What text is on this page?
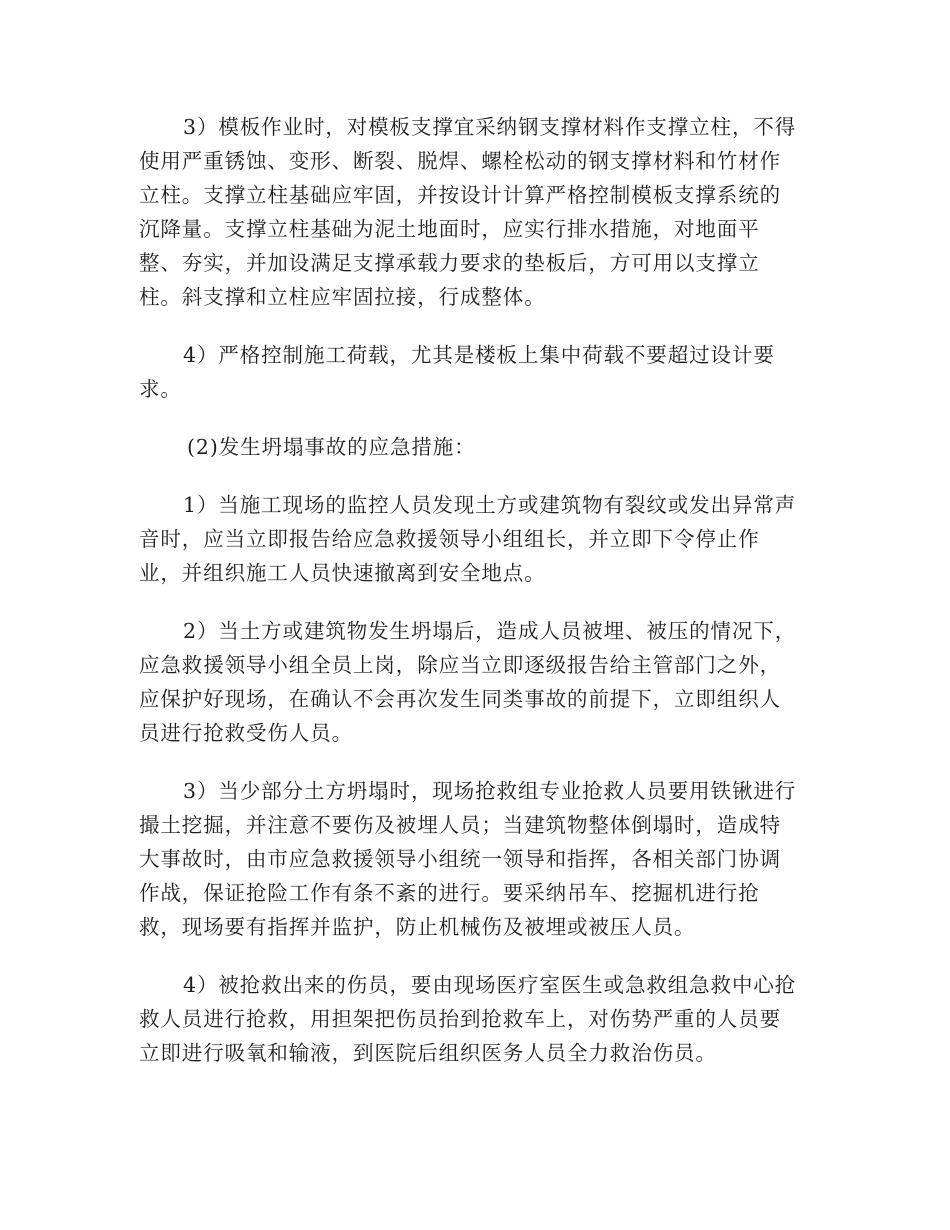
3）模板作业时，对模板支撑宜采纳钢支撑材料作支撑立柱，不得
使用严重锈蚀、变形、断裂、脱焊、螺栓松动的钢支撑材料和竹材作
立柱。支撑立柱基础应牢固，并按设计计算严格控制模板支撑系统的
沉降量。支撑立柱基础为泥土地面时，应实行排水措施，对地面平
整、夯实，并加设满足支撑承载力要求的垫板后，方可用以支撑立
柱。斜支撑和立柱应牢固拉接，行成整体。

4）严格控制施工荷载，尤其是楼板上集中荷载不要超过设计要
求。

(2)发生坍塌事故的应急措施：

1）当施工现场的监控人员发现土方或建筑物有裂纹或发出异常声
音时，应当立即报告给应急救援领导小组组长，并立即下令停止作
业，并组织施工人员快速撤离到安全地点。

2）当土方或建筑物发生坍塌后，造成人员被埋、被压的情况下，
应急救援领导小组全员上岗，除应当立即逐级报告给主管部门之外，
应保护好现场，在确认不会再次发生同类事故的前提下，立即组织人
员进行抢救受伤人员。

3）当少部分土方坍塌时，现场抢救组专业抢救人员要用铁锹进行
撮土挖掘，并注意不要伤及被埋人员；当建筑物整体倒塌时，造成特
大事故时，由市应急救援领导小组统一领导和指挥，各相关部门协调
作战，保证抢险工作有条不紊的进行。要采纳吊车、挖掘机进行抢
救，现场要有指挥并监护，防止机械伤及被埋或被压人员。

4）被抢救出来的伤员，要由现场医疗室医生或急救组急救中心抢
救人员进行抢救，用担架把伤员抬到抢救车上，对伤势严重的人员要
立即进行吸氧和输液，到医院后组织医务人员全力救治伤员。
